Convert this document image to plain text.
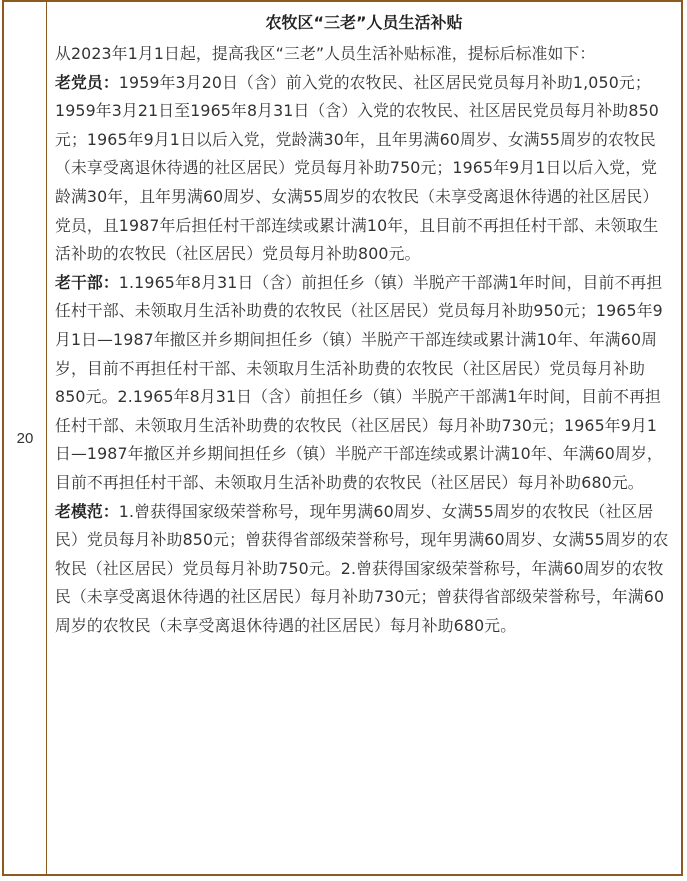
20

农牧区“三老”人员生活补贴

从2023年1月1日起，提高我区“三老”人员生活补贴标准，提标后标准如下：

老党员：1959年3月20日（含）前入党的农牧民、社区居民党员每月补助1,050元；1959年3月21日至1965年8月31日（含）入党的农牧民、社区居民党员每月补助850元；1965年9月1日以后入党，党龄满30年，且年男满60周岁、女满55周岁的农牧民（未享受离退休待遇的社区居民）党员每月补助750元；1965年9月1日以后入党，党龄满30年，且年男满60周岁、女满55周岁的农牧民（未享受离退休待遇的社区居民）党员，且1987年后担任村干部连续或累计满10年，且目前不再担任村干部、未领取生活补助的农牧民（社区居民）党员每月补助800元。

老干部：1.1965年8月31日（含）前担任乡（镇）半脱产干部满1年时间，目前不再担任村干部、未领取月生活补助费的农牧民（社区居民）党员每月补助950元；1965年9月1日—1987年撤区并乡期间担任乡（镇）半脱产干部连续或累计满10年、年满60周岁，目前不再担任村干部、未领取月生活补助费的农牧民（社区居民）党员每月补助850元。2.1965年8月31日（含）前担任乡（镇）半脱产干部满1年时间，目前不再担任村干部、未领取月生活补助费的农牧民（社区居民）每月补助730元；1965年9月1日—1987年撤区并乡期间担任乡（镇）半脱产干部连续或累计满10年、年满60周岁，目前不再担任村干部、未领取月生活补助费的农牧民（社区居民）每月补助680元。

老模范：1.曾获得国家级荣誉称号，现年男满60周岁、女满55周岁的农牧民（社区居民）党员每月补助850元；曾获得省部级荣誉称号，现年男满60周岁、女满55周岁的农牧民（社区居民）党员每月补助750元。2.曾获得国家级荣誉称号，年满60周岁的农牧民（未享受离退休待遇的社区居民）每月补助730元；曾获得省部级荣誉称号，年满60周岁的农牧民（未享受离退休待遇的社区居民）每月补助680元。
